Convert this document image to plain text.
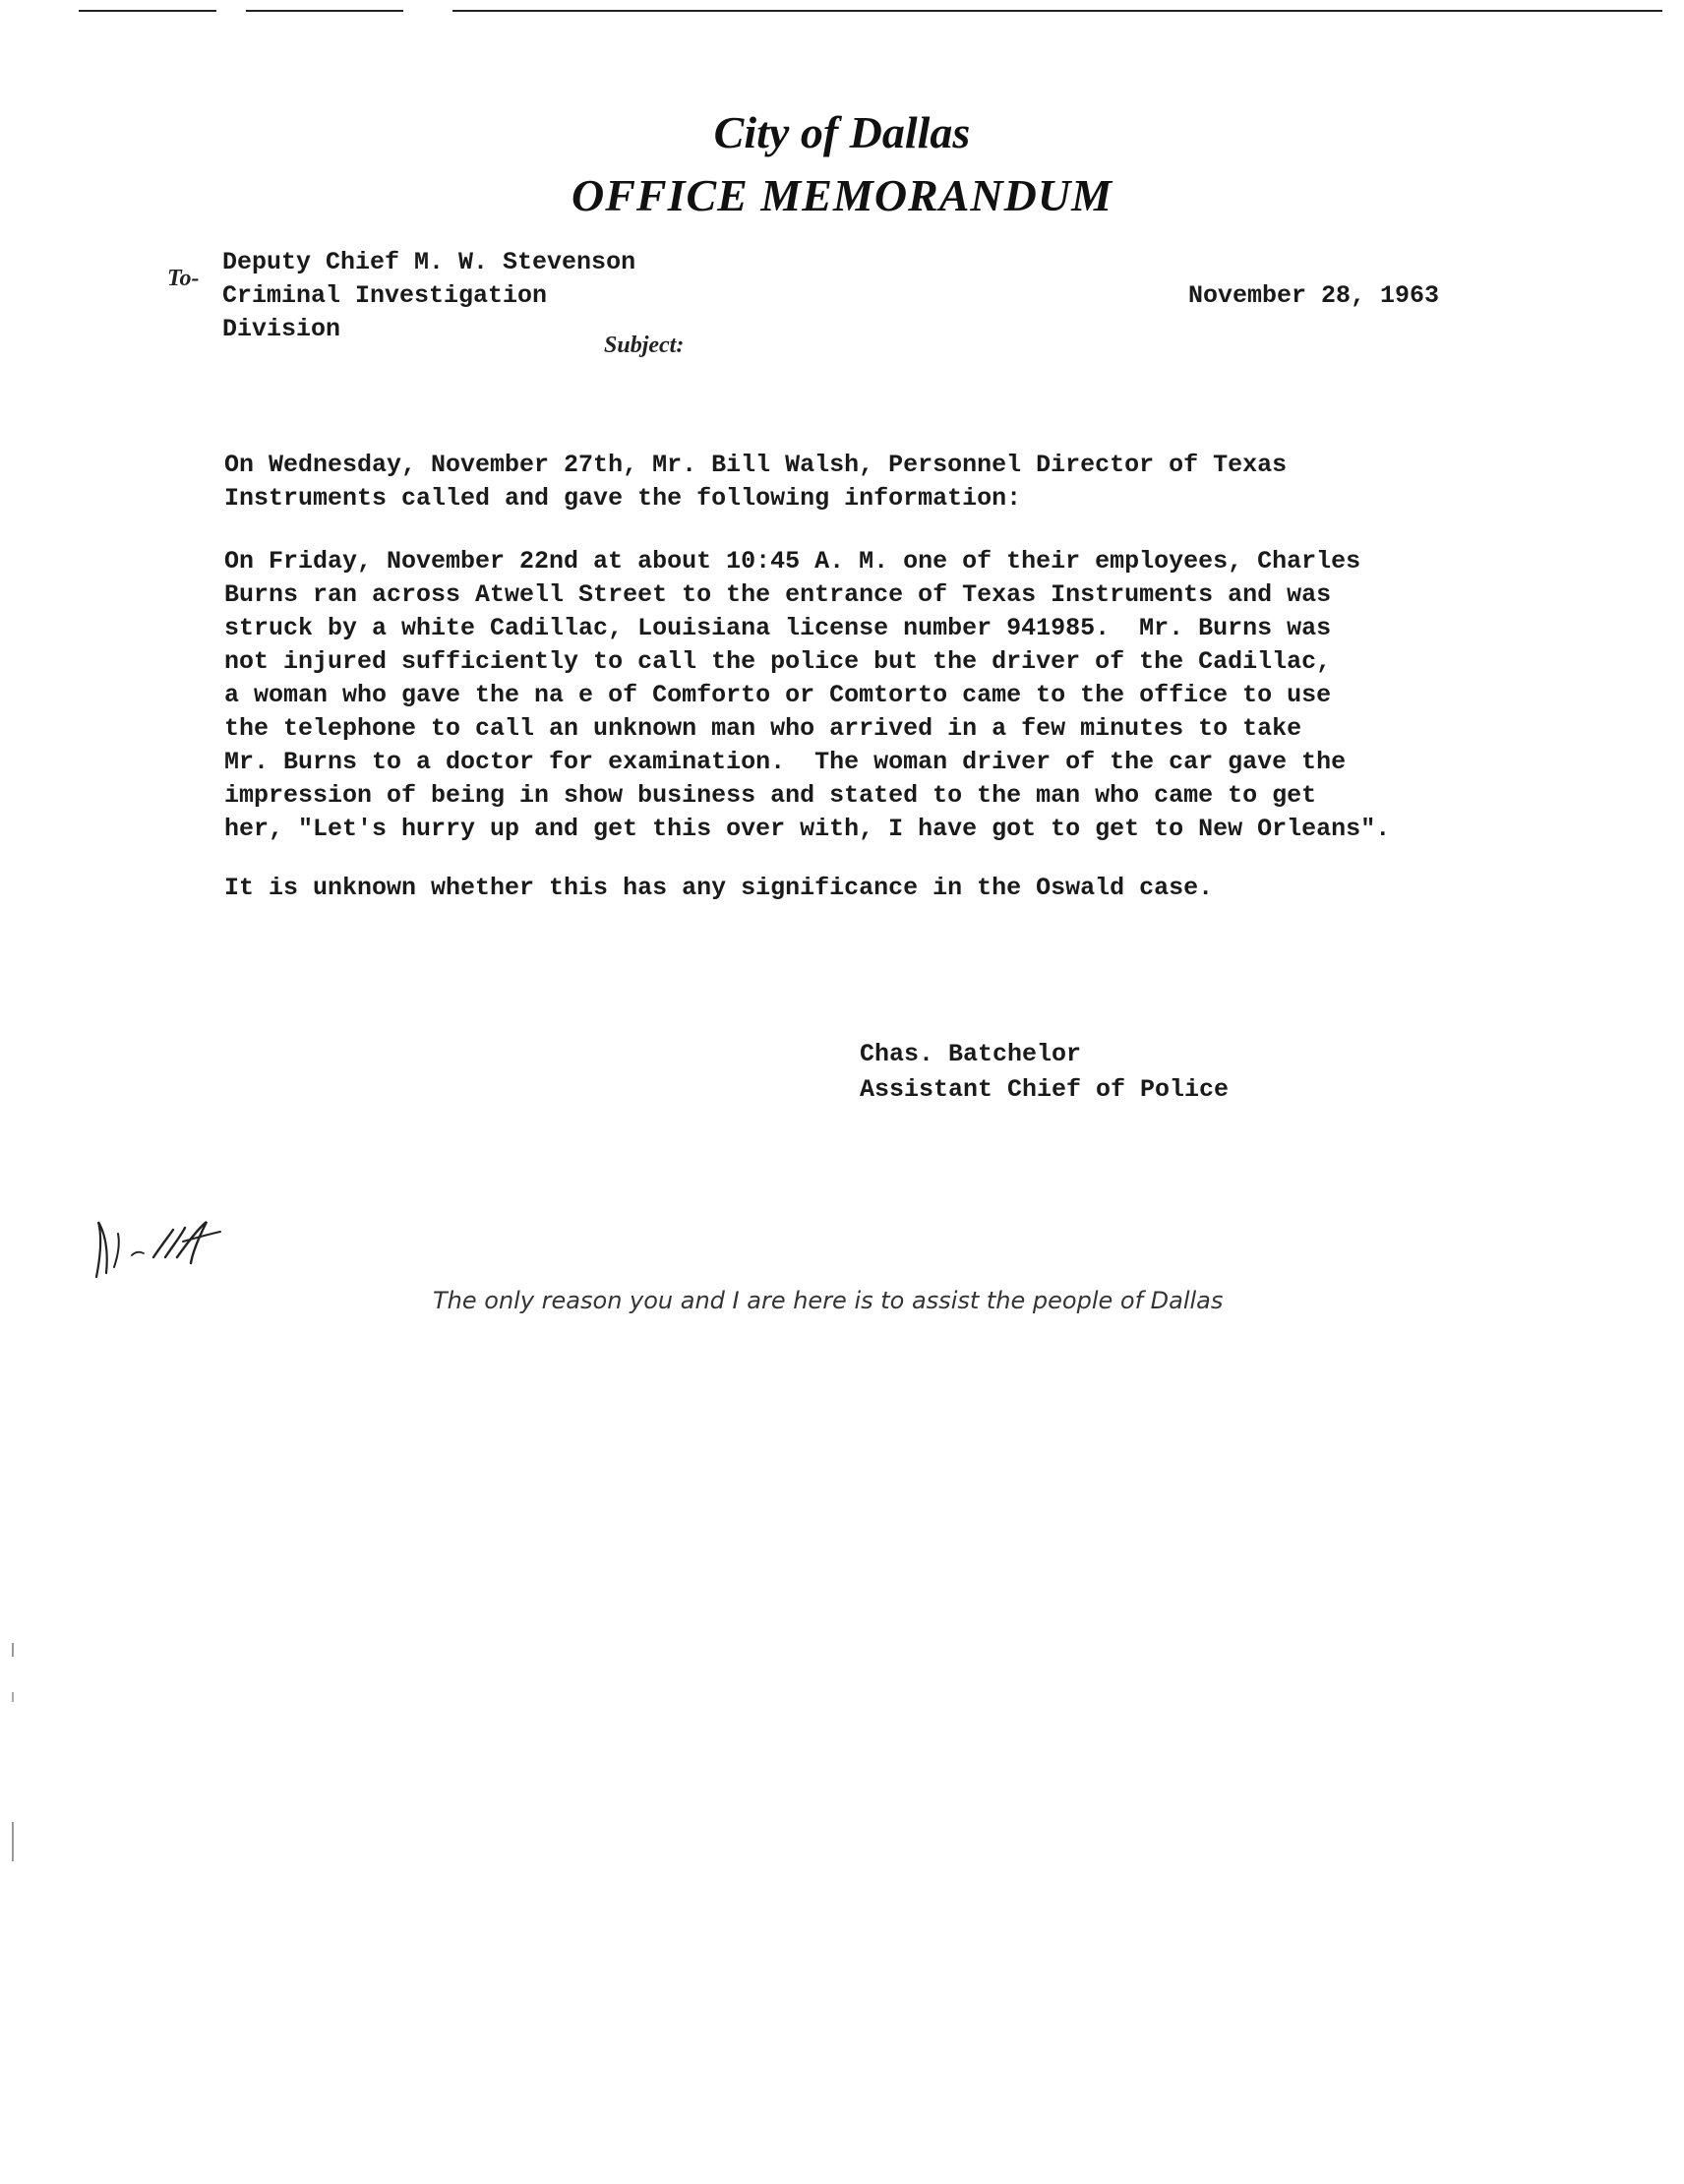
City of Dallas
OFFICE MEMORANDUM
To-
Deputy Chief M. W. Stevenson
Criminal Investigation
Division
November 28, 1963
Subject:
On Wednesday, November 27th, Mr. Bill Walsh, Personnel Director of Texas
Instruments called and gave the following information:
On Friday, November 22nd at about 10:45 A. M. one of their employees, Charles
Burns ran across Atwell Street to the entrance of Texas Instruments and was
struck by a white Cadillac, Louisiana license number 941985.  Mr. Burns was
not injured sufficiently to call the police but the driver of the Cadillac,
a woman who gave the na e of Comforto or Comtorto came to the office to use
the telephone to call an unknown man who arrived in a few minutes to take
Mr. Burns to a doctor for examination.  The woman driver of the car gave the
impression of being in show business and stated to the man who came to get
her, "Let's hurry up and get this over with, I have got to get to New Orleans".
It is unknown whether this has any significance in the Oswald case.
Chas. Batchelor
Assistant Chief of Police
The only reason you and I are here is to assist the people of Dallas
